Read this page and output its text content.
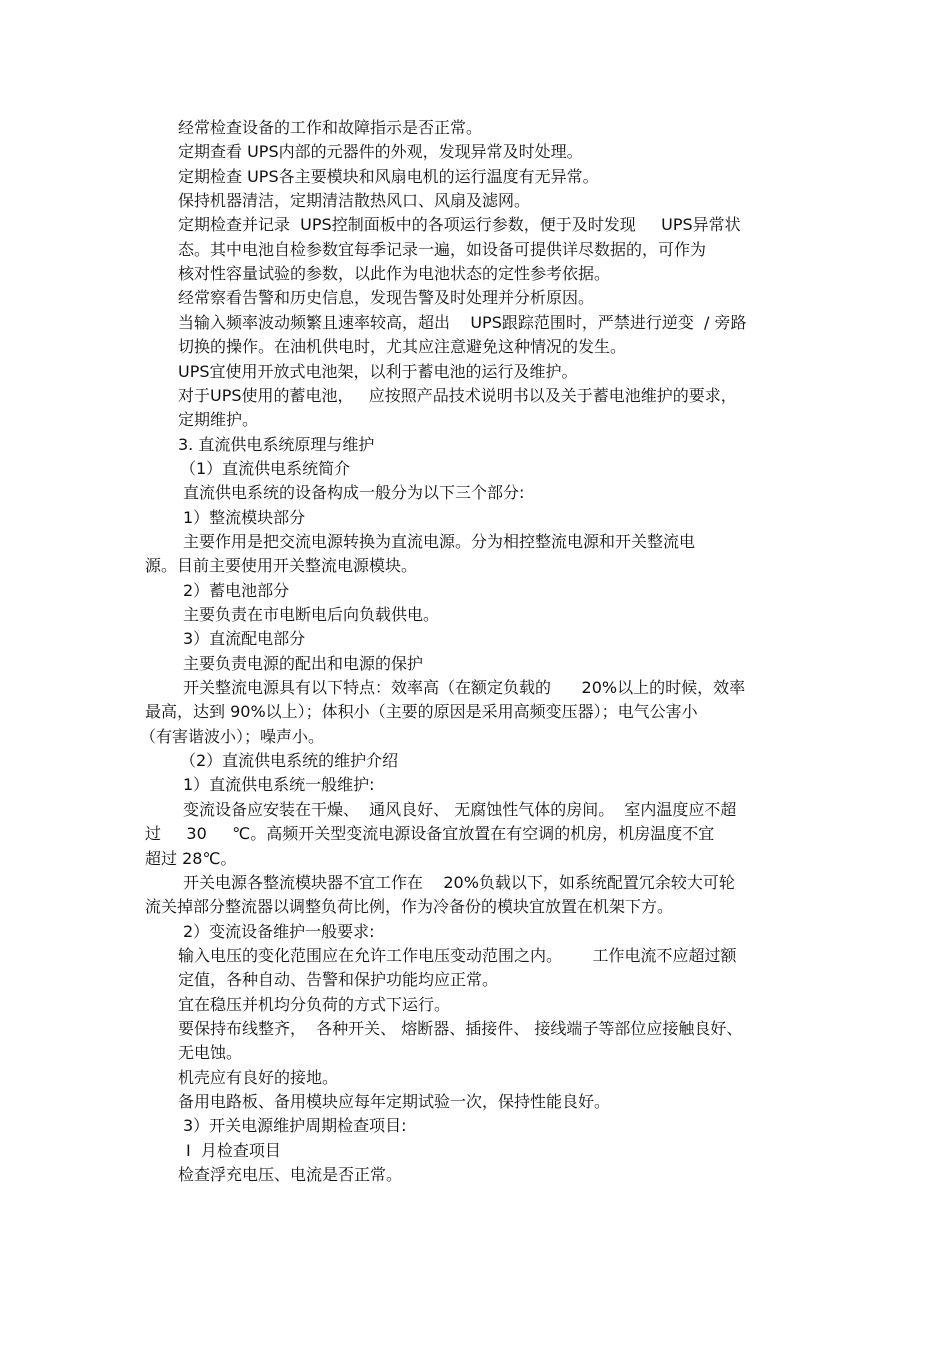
经常检查设备的工作和故障指示是否正常。
定期查看 UPS内部的元器件的外观，发现异常及时处理。
定期检查 UPS各主要模块和风扇电机的运行温度有无异常。
保持机器清洁，定期清洁散热风口、风扇及滤网。
定期检查并记录  UPS控制面板中的各项运行参数，便于及时发现     UPS异常状
态。其中电池自检参数宜每季记录一遍，如设备可提供详尽数据的，可作为
核对性容量试验的参数，以此作为电池状态的定性参考依据。
经常察看告警和历史信息，发现告警及时处理并分析原因。
当输入频率波动频繁且速率较高，超出    UPS跟踪范围时，严禁进行逆变  / 旁路
切换的操作。在油机供电时，尤其应注意避免这种情况的发生。
UPS宜使用开放式电池架，以利于蓄电池的运行及维护。
对于UPS使用的蓄电池，   应按照产品技术说明书以及关于蓄电池维护的要求，
定期维护。
3. 直流供电系统原理与维护
（1）直流供电系统简介
直流供电系统的设备构成一般分为以下三个部分:
1）整流模块部分
主要作用是把交流电源转换为直流电源。分为相控整流电源和开关整流电
源。目前主要使用开关整流电源模块。
2）蓄电池部分
主要负责在市电断电后向负载供电。
3）直流配电部分
主要负责电源的配出和电源的保护
开关整流电源具有以下特点：效率高（在额定负载的      20%以上的时候，效率
最高，达到 90%以上）；体积小（主要的原因是采用高频变压器）；电气公害小
（有害谐波小）；噪声小。
（2）直流供电系统的维护介绍
1）直流供电系统一般维护:
变流设备应安装在干燥、  通风良好、 无腐蚀性气体的房间。  室内温度应不超
过     30     ℃。高频开关型变流电源设备宜放置在有空调的机房，机房温度不宜
超过 28℃。
开关电源各整流模块器不宜工作在    20%负载以下，如系统配置冗余较大可轮
流关掉部分整流器以调整负荷比例，作为冷备份的模块宜放置在机架下方。
2）变流设备维护一般要求:
输入电压的变化范围应在允许工作电压变动范围之内。      工作电流不应超过额
定值，各种自动、告警和保护功能均应正常。
宜在稳压并机均分负荷的方式下运行。
要保持布线整齐，  各种开关、 熔断器、插接件、 接线端子等部位应接触良好、
无电蚀。
机壳应有良好的接地。
备用电路板、备用模块应每年定期试验一次，保持性能良好。
3）开关电源维护周期检查项目:
Ⅰ  月检查项目
检查浮充电压、电流是否正常。
